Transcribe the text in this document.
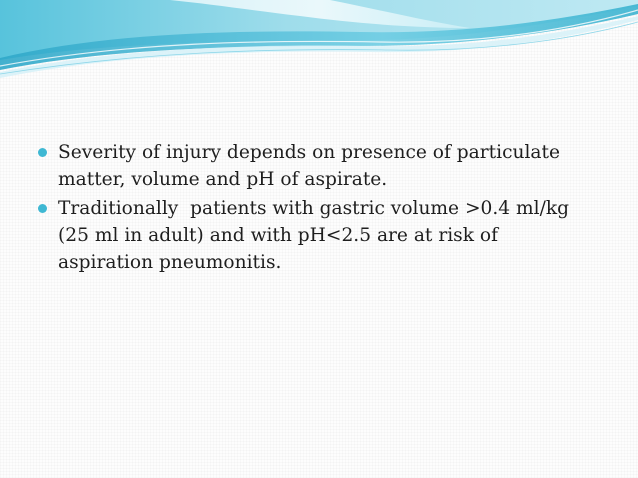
Severity of injury depends on presence of particulate
matter, volume and pH of aspirate.
Traditionally  patients with gastric volume >0.4 ml/kg
(25 ml in adult) and with pH<2.5 are at risk of
aspiration pneumonitis.
